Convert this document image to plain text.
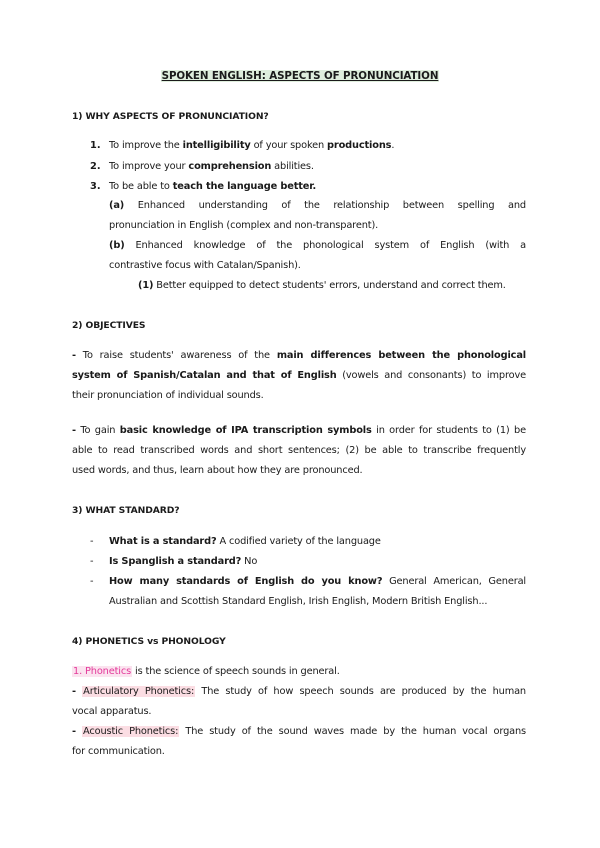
SPOKEN ENGLISH: ASPECTS OF PRONUNCIATION
1) WHY ASPECTS OF PRONUNCIATION?
1. To improve the intelligibility of your spoken productions.
2. To improve your comprehension abilities.
3. To be able to teach the language better.
(a) Enhanced understanding of the relationship between spelling and
pronunciation in English (complex and non-transparent).
(b) Enhanced knowledge of the phonological system of English (with a
contrastive focus with Catalan/Spanish).
(1) Better equipped to detect students' errors, understand and correct them.
2) OBJECTIVES
- To raise students' awareness of the main differences between the phonological
system of Spanish/Catalan and that of English (vowels and consonants) to improve
their pronunciation of individual sounds.
- To gain basic knowledge of IPA transcription symbols in order for students to (1) be
able to read transcribed words and short sentences; (2) be able to transcribe frequently
used words, and thus, learn about how they are pronounced.
3) WHAT STANDARD?
- What is a standard? A codified variety of the language
- Is Spanglish a standard? No
- How many standards of English do you know? General American, General
Australian and Scottish Standard English, Irish English, Modern British English...
4) PHONETICS vs PHONOLOGY
1. Phonetics is the science of speech sounds in general.
- Articulatory Phonetics: The study of how speech sounds are produced by the human
vocal apparatus.
- Acoustic Phonetics: The study of the sound waves made by the human vocal organs
for communication.
